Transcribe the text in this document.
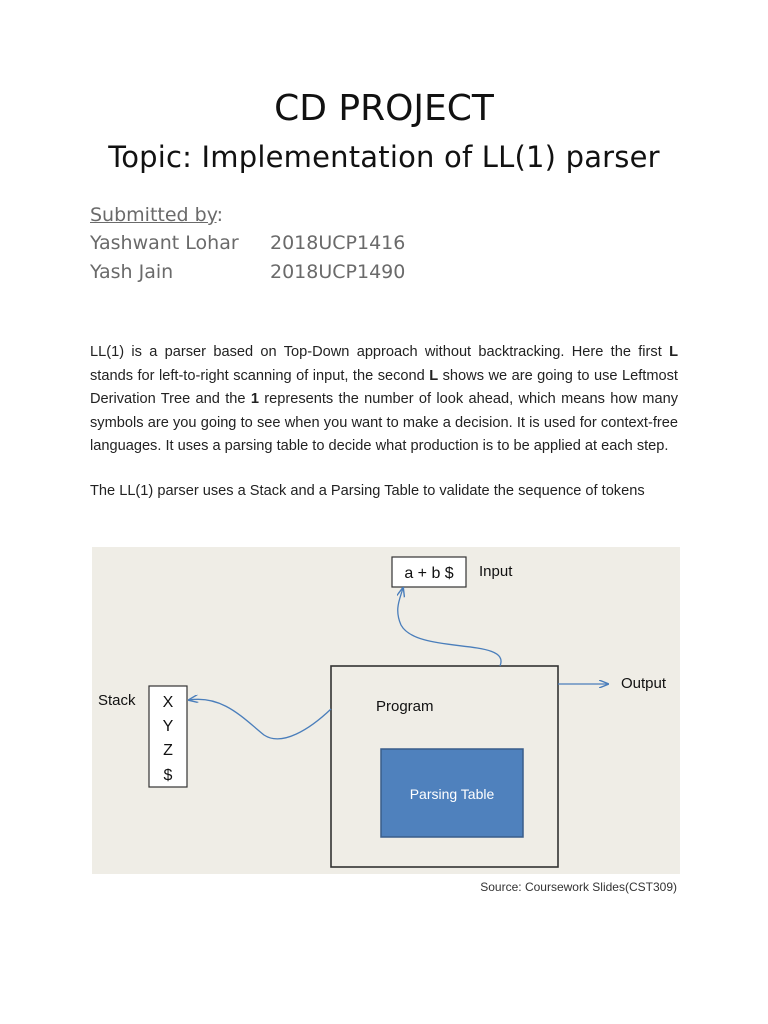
CD PROJECT
Topic: Implementation of LL(1) parser
Submitted by:
Yashwant Lohar 2018UCP1416
Yash Jain	2018UCP1490
LL(1) is a parser based on Top-Down approach without backtracking. Here the first L stands for left-to-right scanning of input, the second L shows we are going to use Leftmost Derivation Tree and the 1 represents the number of look ahead, which means how many symbols are you going to see when you want to make a decision. It is used for context-free languages. It uses a parsing table to decide what production is to be applied at each step.
The LL(1) parser uses a Stack and a Parsing Table to validate the sequence of tokens
a + b $ Input
Program
Parsing Table
Stack X
Y
Z
$
Output
Source: Coursework Slides(CST309)
